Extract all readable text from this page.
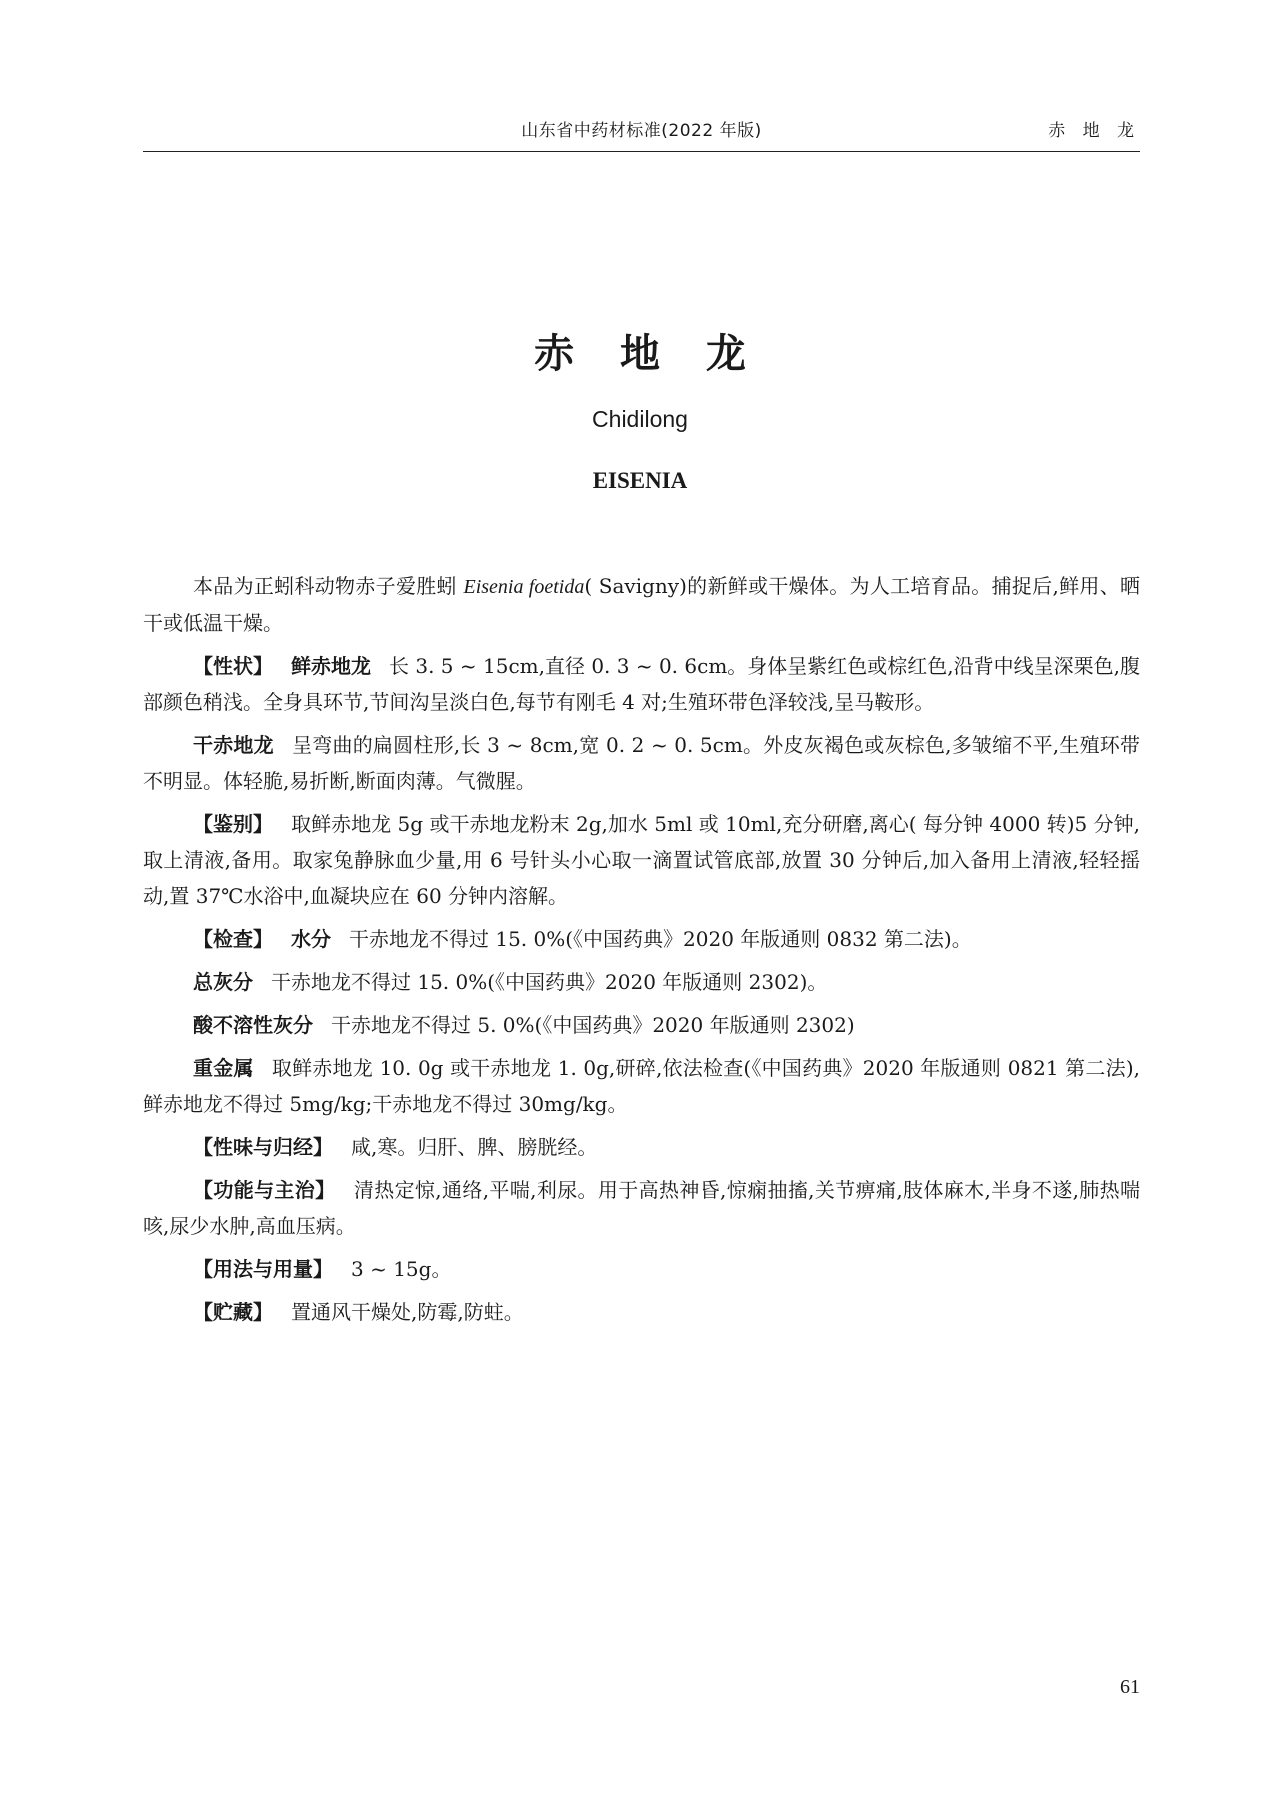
山东省中药材标准(2022 年版)	赤 地 龙
赤 地 龙
Chidilong
EISENIA

本品为正蚓科动物赤子爱胜蚓 Eisenia foetida( Savigny)的新鲜或干燥体。为人工培育品。捕捉后,鲜用、晒干或低温干燥。

【性状】 鲜赤地龙 长 3. 5 ~ 15cm,直径 0. 3 ~ 0. 6cm。身体呈紫红色或棕红色,沿背中线呈深栗色,腹部颜色稍浅。全身具环节,节间沟呈淡白色,每节有刚毛 4 对;生殖环带色泽较浅,呈马鞍形。

干赤地龙 呈弯曲的扁圆柱形,长 3 ~ 8cm,宽 0. 2 ~ 0. 5cm。外皮灰褐色或灰棕色,多皱缩不平,生殖环带不明显。体轻脆,易折断,断面肉薄。气微腥。

【鉴别】 取鲜赤地龙 5g 或干赤地龙粉末 2g,加水 5ml 或 10ml,充分研磨,离心( 每分钟 4000 转)5 分钟,取上清液,备用。取家兔静脉血少量,用 6 号针头小心取一滴置试管底部,放置 30 分钟后,加入备用上清液,轻轻摇动,置 37℃水浴中,血凝块应在 60 分钟内溶解。

【检查】 水分 干赤地龙不得过 15. 0%(《中国药典》2020 年版通则 0832 第二法)。

总灰分 干赤地龙不得过 15. 0%(《中国药典》2020 年版通则 2302)。

酸不溶性灰分 干赤地龙不得过 5. 0%(《中国药典》2020 年版通则 2302)

重金属 取鲜赤地龙 10. 0g 或干赤地龙 1. 0g,研碎,依法检查(《中国药典》2020 年版通则 0821 第二法),鲜赤地龙不得过 5mg/kg;干赤地龙不得过 30mg/kg。

【性味与归经】 咸,寒。归肝、脾、膀胱经。

【功能与主治】 清热定惊,通络,平喘,利尿。用于高热神昏,惊痫抽搐,关节痹痛,肢体麻木,半身不遂,肺热喘咳,尿少水肿,高血压病。

【用法与用量】 3 ~ 15g。

【贮藏】 置通风干燥处,防霉,防蛀。

61
